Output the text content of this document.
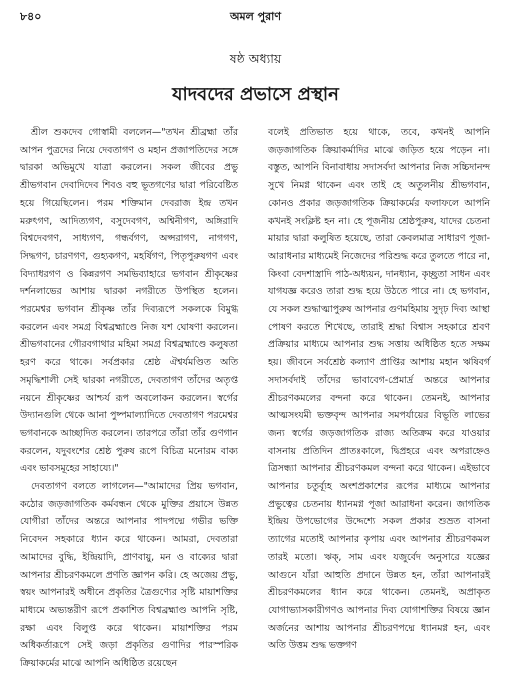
৮৪০	অমল পুরাণ
ষষ্ঠ অধ্যায়
যাদবদের প্রভাসে প্রস্থান

শ্রীল শুকদেব গোস্বামী বললেন—"তখন শ্রীব্রহ্মা তাঁর আপন পুত্রদের নিয়ে দেবতাগণ ও মহান প্রজাপতিদের সঙ্গে দ্বারকা অভিমুখে যাত্রা করলেন। সকল জীবের প্রভু শ্রীভগবান দেবাদিদেব শিবও বহু ভূতগণের দ্বারা পরিবেষ্টিত হয়ে গিয়েছিলেন। পরম শক্তিমান দেবরাজ ইন্দ্র তখন মরুৎগণ, আদিত্যগণ, বসুদেবগণ, অশ্বিনীগণ, অঙ্গিরাদি বিশ্বদেবগণ, সাধ্যগণ, গন্ধর্বগণ, অপ্সরাগণ, নাগগণ, সিদ্ধগণ, চারণগণ, গুহ্যকগণ, মহর্ষিগণ, পিতৃপুরুষগণ এবং বিদ্যাধরগণ ও কিন্নরগণ সমভিব্যাহারে ভগবান শ্রীকৃষ্ণের দর্শনলাভের আশায় দ্বারকা নগরীতে উপস্থিত হলেন। পরমেশ্বর ভগবান শ্রীকৃষ্ণ তাঁর দিব্যরূপে সকলকে বিমুগ্ধ করলেন এবং সমগ্র বিশ্বব্রহ্মাণ্ডে নিজ যশ ঘোষণা করলেন। শ্রীভগবানের গৌরবগাথার মহিমা সমগ্র বিশ্বব্রহ্মাণ্ডে কলুষতা হরণ করে থাকে। সর্বপ্রকার শ্রেষ্ঠ ঐশ্বর্যমণ্ডিত অতি সমৃদ্ধিশালী সেই দ্বারকা নগরীতে, দেবতাগণ তাঁদের অতৃপ্ত নয়নে শ্রীকৃষ্ণের আশ্চর্য রূপ অবলোকন করলেন। স্বর্গের উদ্যানগুলি থেকে আনা পুষ্পমাল্যাদিতে দেবতাগণ পরমেশ্বর ভগবানকে আচ্ছাদিত করলেন। তারপরে তাঁরা তাঁর গুণগান করলেন, যদুবংশের শ্রেষ্ঠ পুরুষ রূপে বিচিত্র মনোরম বাক্য এবং ভাবসমূহের সাহায্যে।"

দেবতাগণ বলতে লাগলেন—"আমাদের প্রিয় ভগবান, কঠোর জড়জাগতিক কর্মবন্ধন থেকে মুক্তির প্রয়াসে উন্নত যোগীরা তাঁদের অন্তরে আপনার পাদপদ্মে গভীর ভক্তি নিবেদন সহকারে ধ্যান করে থাকেন। আমরা, দেবতারা আমাদের বুদ্ধি, ইন্দ্রিয়াদি, প্রাণবায়ু, মন ও বাক্যের দ্বারা আপনার শ্রীচরণকমলে প্রণতি জ্ঞাপন করি। হে অজেয় প্রভু, স্বয়ং আপনারই অধীনে প্রকৃতির ত্রৈগুণ্যের সৃষ্টি মায়াশক্তির মাধ্যমে অভ্যন্তরীণ রূপে প্রকাশিত বিশ্বব্রহ্মাণ্ড আপনি সৃষ্টি, রক্ষা এবং বিলুপ্ত করে থাকেন। মায়াশক্তির পরম অধিকর্তারূপে সেই জড়া প্রকৃতির গুণাদির পারস্পরিক ক্রিয়াকর্মের মাঝে আপনি অধিষ্ঠিত রয়েছেন

বলেই প্রতিভাত হয়ে থাকে, তবে, কখনই আপনি জড়জাগতিক ক্রিয়াকর্মাদির মাঝে জড়িত হয়ে পড়েন না। বস্তুত, আপনি বিনাবাধায় সদাসর্বদা আপনার নিজ সচ্চিদানন্দ সুখে নিমগ্ন থাকেন এবং তাই হে অতুলনীয় শ্রীভগবান, কোনও প্রকার জড়জাগতিক ক্রিয়াকর্মের ফলাফলে আপনি কখনই সংক্লিষ্ট হন না। হে পূজনীয় শ্রেষ্ঠপুরুষ, যাদের চেতনা মায়ার দ্বারা কলুষিত হয়েছে, তারা কেবলমাত্র সাধারণ পূজা-আরাধনার মাধ্যমেই নিজেদের পরিশুদ্ধ করে তুলতে পারে না, কিংবা বেদশাস্ত্রাদি পাঠ-অধ্যয়ন, দানধ্যান, কৃচ্ছ্রতা সাধন এবং যাগযজ্ঞ করেও তারা শুদ্ধ হয়ে উঠতে পারে না। হে ভগবান, যে সকল শুদ্ধাত্মাপুরুষ আপনার গুণমহিমায় সুদৃঢ় দিব্য আস্থা পোষণ করতে শিখেছে, তারাই শ্রদ্ধা বিশ্বাস সহকারে শ্রবণ প্রক্রিয়ার মাধ্যমে আপনার শুদ্ধ সত্তায় অধিষ্ঠিত হতে সক্ষম হয়। জীবনে সর্বশ্রেষ্ঠ কল্যাণ প্রাপ্তির আশায় মহান ঋষিবর্গ সদাসর্বদাই তাঁদের ভাবাবেগ-প্রেমার্দ্র অন্তরে আপনার শ্রীচরণকমলের বন্দনা করে থাকেন। তেমনই, আপনার আত্মসংযমী ভক্তবৃন্দ আপনার সমপর্যায়ের বিভূতি লাভের জন্য স্বর্গের জড়জাগতিক রাজ্য অতিক্রম করে যাওয়ার বাসনায় প্রতিদিন প্রাতঃকালে, দ্বিপ্রহরে এবং অপরাহ্নেও ত্রিসন্ধ্যা আপনার শ্রীচরণকমল বন্দনা করে থাকেন। এইভাবে আপনার চতুর্ব্যূহ অংশপ্রকাশের রূপের মাধ্যমে আপনার প্রভুত্বের চেতনায় ধ্যানমগ্ন পূজা আরাধনা করেন। জাগতিক ইন্দ্রিয় উপভোগের উদ্দেশ্যে সকল প্রকার শুভ্রত বাসনা ত্যাগের মতোই আপনার কৃপায় এবং আপনার শ্রীচরণকমল তারই মতো। ঋক্, সাম এবং যজুর্বেদ অনুসারে যজ্ঞের আগুনে যাঁরা আহুতি প্রদানে উন্নত হন, তাঁরা আপনারই শ্রীচরণকমলের ধ্যান করে থাকেন। তেমনই, অপ্রাকৃত যোগাভ্যাসকারীগণও আপনার দিব্য যোগাশক্তির বিষয়ে জ্ঞান অর্জনের আশায় আপনার শ্রীচরণপদ্মে ধ্যানমগ্ন হন, এবং অতি উত্তম শুদ্ধ ভক্তগণ
